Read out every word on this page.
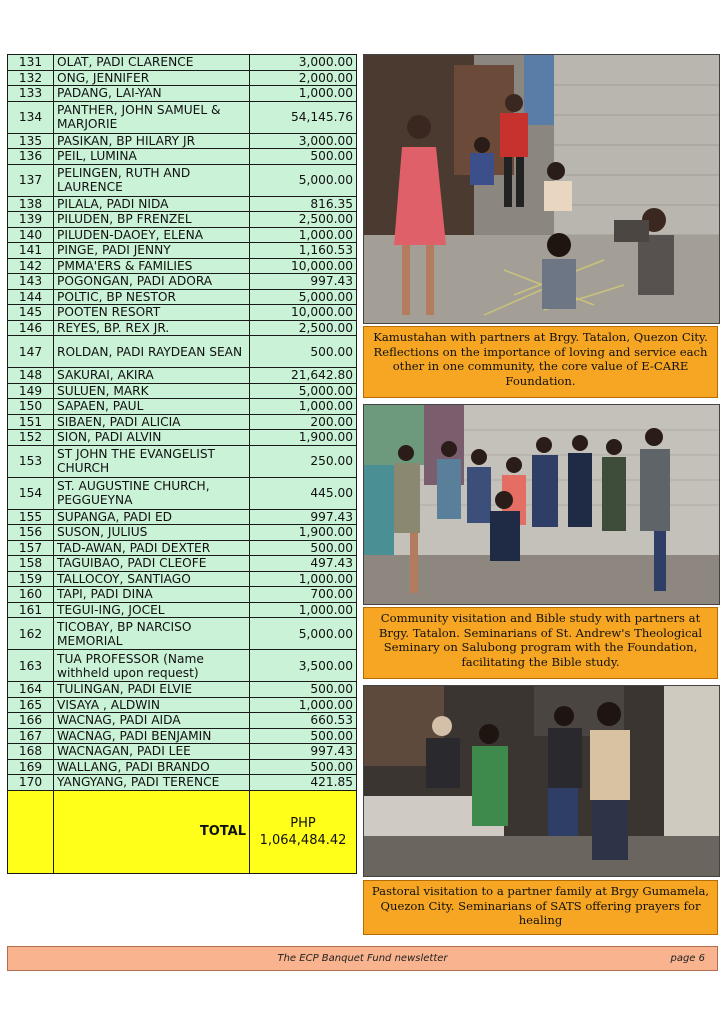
131	OLAT, PADI CLARENCE	3,000.00
132	ONG, JENNIFER	2,000.00
133	PADANG, LAI-YAN	1,000.00
134	PANTHER, JOHN SAMUEL & MARJORIE	54,145.76
135	PASIKAN, BP HILARY JR	3,000.00
136	PEIL, LUMINA	500.00
137	PELINGEN, RUTH AND LAURENCE	5,000.00
138	PILALA, PADI NIDA	816.35
139	PILUDEN, BP FRENZEL	2,500.00
140	PILUDEN-DAOEY, ELENA	1,000.00
141	PINGE, PADI JENNY	1,160.53
142	PMMA'ERS & FAMILIES	10,000.00
143	POGONGAN, PADI ADORA	997.43
144	POLTIC, BP NESTOR	5,000.00
145	POOTEN RESORT	10,000.00
146	REYES, BP. REX JR.	2,500.00
147	ROLDAN, PADI RAYDEAN SEAN	500.00
148	SAKURAI, AKIRA	21,642.80
149	SULUEN, MARK	5,000.00
150	SAPAEN, PAUL	1,000.00
151	SIBAEN, PADI ALICIA	200.00
152	SION, PADI ALVIN	1,900.00
153	ST JOHN THE EVANGELIST CHURCH	250.00
154	ST. AUGUSTINE CHURCH, PEGGUEYNA	445.00
155	SUPANGA, PADI ED	997.43
156	SUSON, JULIUS	1,900.00
157	TAD-AWAN, PADI DEXTER	500.00
158	TAGUIBAO, PADI CLEOFE	497.43
159	TALLOCOY, SANTIAGO	1,000.00
160	TAPI, PADI DINA	700.00
161	TEGUI-ING, JOCEL	1,000.00
162	TICOBAY, BP NARCISO MEMORIAL	5,000.00
163	TUA PROFESSOR (Name withheld upon request)	3,500.00
164	TULINGAN, PADI ELVIE	500.00
165	VISAYA , ALDWIN	1,000.00
166	WACNAG, PADI AIDA	660.53
167	WACNAG, PADI BENJAMIN	500.00
168	WACNAGAN, PADI LEE	997.43
169	WALLANG, PADI BRANDO	500.00
170	YANGYANG, PADI TERENCE	421.85
	TOTAL	PHP
1,064,484.42
Kamustahan with partners at Brgy. Tatalon, Quezon City. Reflections on the importance of loving and service each other in one community, the core value of E-CARE Foundation.
Community visitation and Bible study with partners at Brgy. Tatalon. Seminarians of St. Andrew's Theological Seminary on Salubong program with the Foundation, facilitating the Bible study.
Pastoral visitation to a partner family at Brgy Gumamela, Quezon City. Seminarians of SATS offering prayers for healing
The ECP Banquet Fund newsletter	page 6
